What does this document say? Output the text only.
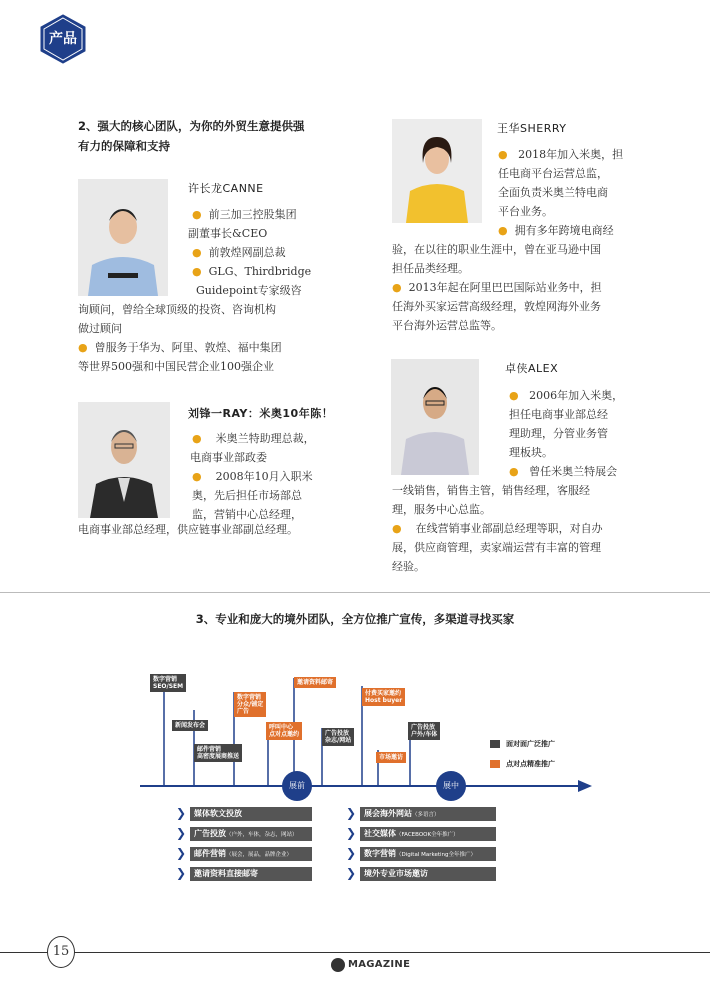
产品
2、强大的核心团队，为你的外贸生意提供强
有力的保障和支持
许长龙CANNE
● 前三加三控股集团
副董事长&CEO
● 前敦煌网副总裁
● GLG、Thirdbridge
Guidepoint专家级咨
询顾问，曾给全球顶级的投资、咨询机构
做过顾问
● 曾服务于华为、阿里、敦煌、福中集团
等世界500强和中国民营企业100强企业
刘锋一RAY：米奥10年陈！
● 米奥兰特助理总裁，
电商事业部政委
● 2008年10月入职米
奥，先后担任市场部总
监，营销中心总经理，
电商事业部总经理，供应链事业部副总经理。
王华SHERRY
● 2018年加入米奥，担
任电商平台运营总监，
全面负责米奥兰特电商
平台业务。
● 拥有多年跨境电商经
验，在以往的职业生涯中，曾在亚马逊中国
担任品类经理。
● 2013年起在阿里巴巴国际站业务中，担
任海外买家运营高级经理，敦煌网海外业务
平台海外运营总监等。
卓侠ALEX
● 2006年加入米奥，
担任电商事业部总经
理助理，分管业务管
理板块。
● 曾任米奥兰特展会
一线销售，销售主管，销售经理，客服经
理，服务中心总监。
● 在线营销事业部副总经理等职，对自办
展，供应商管理，卖家端运营有丰富的管理
经验。
3、专业和庞大的境外团队，全方位推广宣传，多渠道寻找买家
数字营销
SEO/SEM
数字营销
分众/铺定
广告
邀请资料邮寄
付费买家邀约
Host buyer
新闻发布会	呼叫中心
点对点邀约	广告投放
杂志/网站
广告投放
户外/车体
邮件营销
高密度展商推送	市场邀访
展前	展中
面对面广泛推广
点对点精准推广
❯ 媒体软文投放
❯ 广告投放（户外，车体，杂志，网站）
❯ 邮件营销（展会，展品，品牌企业）
❯ 邀请资料直接邮寄
❯ 展会海外网站（多语言）
❯ 社交媒体（FACEBOOK全年推广）
❯ 数字营销（Digital Marketing全年推广）
❯ 境外专业市场邀访
15
MAGAZINE
